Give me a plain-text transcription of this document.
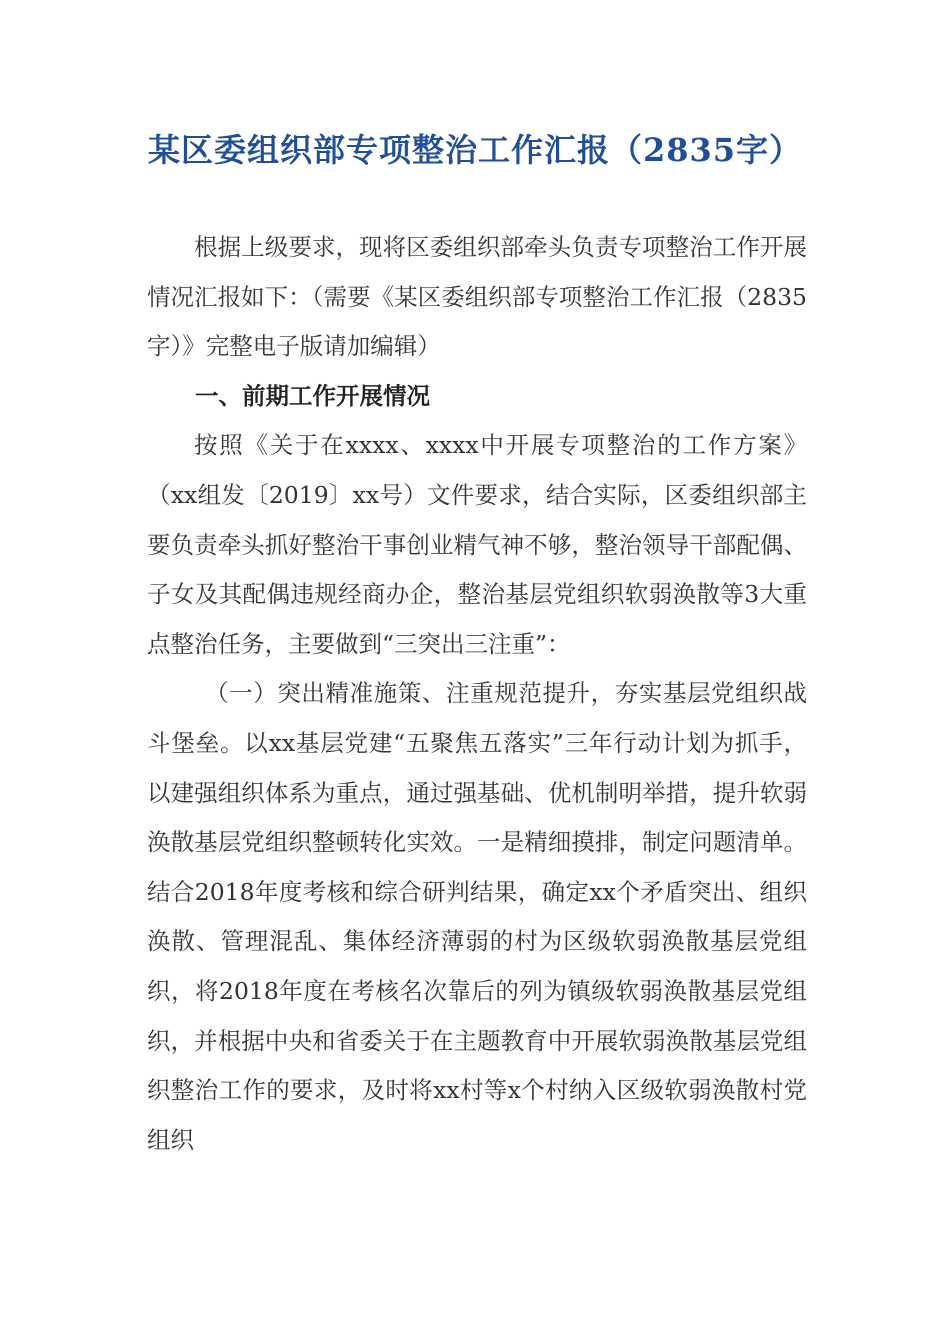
某区委组织部专项整治工作汇报（2835字）

根据上级要求，现将区委组织部牵头负责专项整治工作开展情况汇报如下：（需要《某区委组织部专项整治工作汇报（2835字）》完整电子版请加编辑）

一、前期工作开展情况

按照《关于在xxxx、xxxx中开展专项整治的工作方案》（xx组发〔2019〕xx号）文件要求，结合实际，区委组织部主要负责牵头抓好整治干事创业精气神不够，整治领导干部配偶、子女及其配偶违规经商办企，整治基层党组织软弱涣散等3大重点整治任务，主要做到“三突出三注重”：

（一）突出精准施策、注重规范提升，夯实基层党组织战斗堡垒。以xx基层党建“五聚焦五落实”三年行动计划为抓手，以建强组织体系为重点，通过强基础、优机制明举措，提升软弱涣散基层党组织整顿转化实效。一是精细摸排，制定问题清单。结合2018年度考核和综合研判结果，确定xx个矛盾突出、组织涣散、管理混乱、集体经济薄弱的村为区级软弱涣散基层党组织，将2018年度在考核名次靠后的列为镇级软弱涣散基层党组织，并根据中央和省委关于在主题教育中开展软弱涣散基层党组织整治工作的要求，及时将xx村等x个村纳入区级软弱涣散村党组织
